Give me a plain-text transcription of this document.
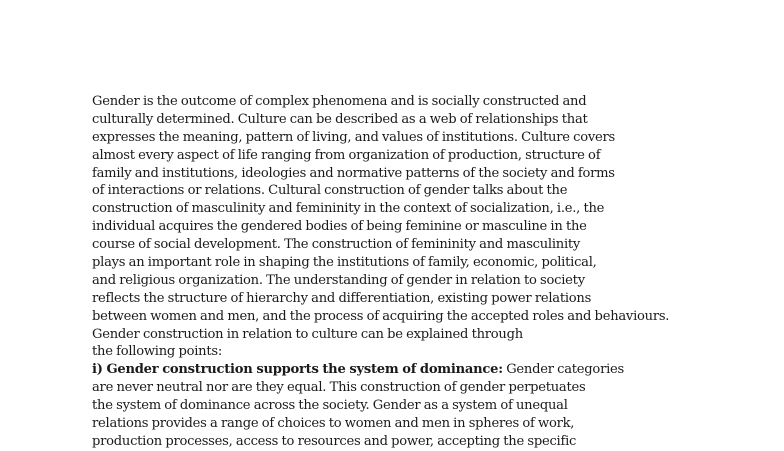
Gender is the outcome of complex phenomena and is socially constructed and
culturally determined. Culture can be described as a web of relationships that
expresses the meaning, pattern of living, and values of institutions. Culture covers
almost every aspect of life ranging from organization of production, structure of
family and institutions, ideologies and normative patterns of the society and forms
of interactions or relations. Cultural construction of gender talks about the
construction of masculinity and femininity in the context of socialization, i.e., the
individual acquires the gendered bodies of being feminine or masculine in the
course of social development. The construction of femininity and masculinity
plays an important role in shaping the institutions of family, economic, political,
and religious organization. The understanding of gender in relation to society
reflects the structure of hierarchy and differentiation, existing power relations
between women and men, and the process of acquiring the accepted roles and behaviours.
Gender construction in relation to culture can be explained through
the following points:
i) Gender construction supports the system of dominance: Gender categories
are never neutral nor are they equal. This construction of gender perpetuates
the system of dominance across the society. Gender as a system of unequal
relations provides a range of choices to women and men in spheres of work,
production processes, access to resources and power, accepting the specific
